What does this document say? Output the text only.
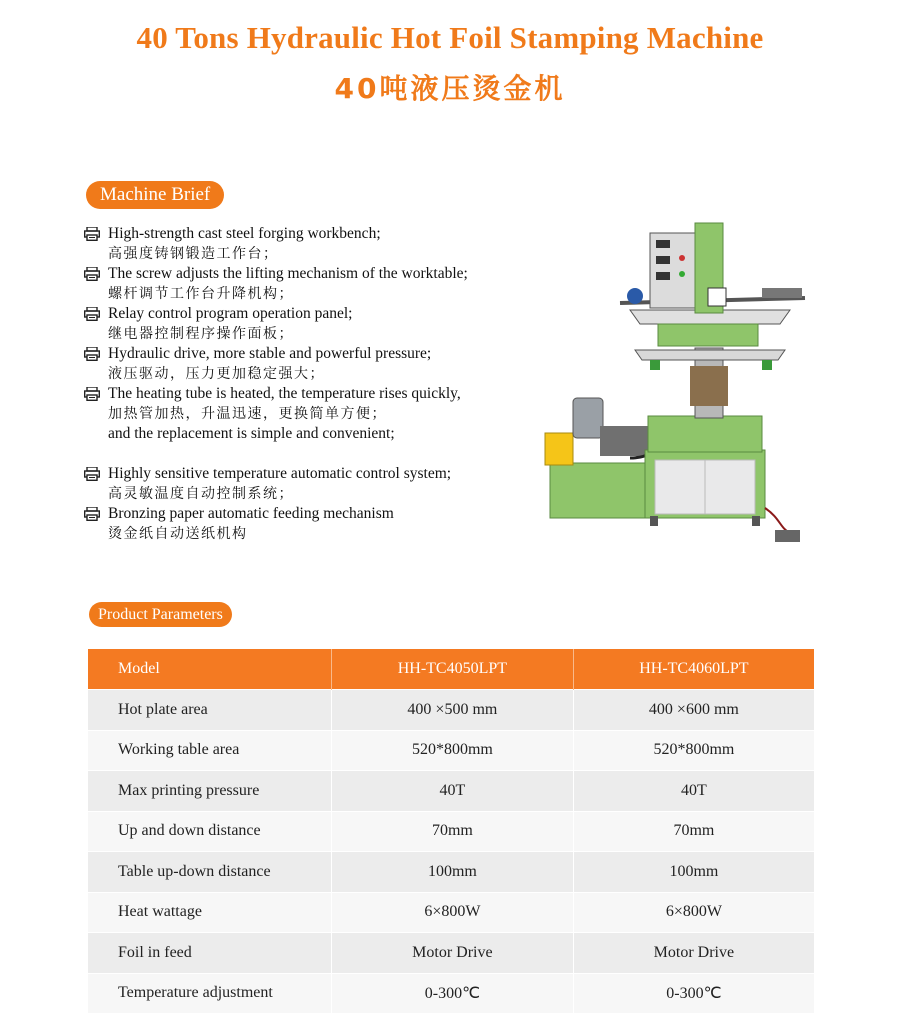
40 Tons Hydraulic Hot Foil Stamping Machine
40吨液压烫金机
Machine Brief
High-strength cast steel forging workbench;
高强度铸钢锻造工作台；
The screw adjusts the lifting mechanism of the worktable;
螺杆调节工作台升降机构；
Relay control program operation panel;
继电器控制程序操作面板；
Hydraulic drive, more stable and powerful pressure;
液压驱动，压力更加稳定强大；
The heating tube is heated, the temperature rises quickly,
加热管加热，升温迅速，更换简单方便；
and the replacement is simple and convenient;
Highly sensitive temperature automatic control system;
高灵敏温度自动控制系统；
Bronzing paper automatic feeding mechanism
烫金纸自动送纸机构
Product Parameters
Model	HH-TC4050LPT	HH-TC4060LPT
Hot plate area	400 ×500 mm	400 ×600 mm
Working table area	520*800mm	520*800mm
Max printing pressure	40T	40T
Up and down distance	70mm	70mm
Table up-down distance	100mm	100mm
Heat wattage	6×800W	6×800W
Foil in feed	Motor Drive	Motor Drive
Temperature adjustment	0-300℃	0-300℃
